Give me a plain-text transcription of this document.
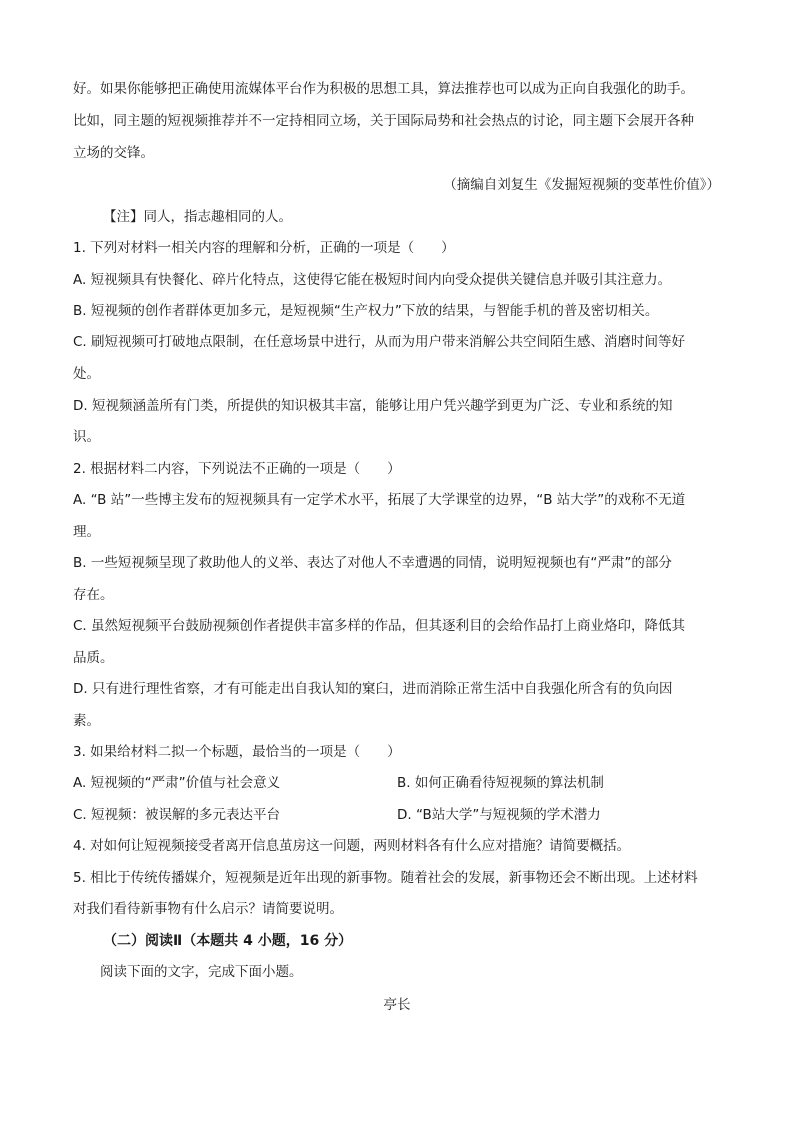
好。如果你能够把正确使用流媒体平台作为积极的思想工具，算法推荐也可以成为正向自我强化的助手。
比如，同主题的短视频推荐并不一定持相同立场，关于国际局势和社会热点的讨论，同主题下会展开各种
立场的交锋。
（摘编自刘复生《发掘短视频的变革性价值》）
【注】同人，指志趣相同的人。
1. 下列对材料一相关内容的理解和分析，正确的一项是（　　）
A. 短视频具有快餐化、碎片化特点，这使得它能在极短时间内向受众提供关键信息并吸引其注意力。
B. 短视频的创作者群体更加多元，是短视频“生产权力”下放的结果，与智能手机的普及密切相关。
C. 刷短视频可打破地点限制，在任意场景中进行，从而为用户带来消解公共空间陌生感、消磨时间等好
处。
D. 短视频涵盖所有门类，所提供的知识极其丰富，能够让用户凭兴趣学到更为广泛、专业和系统的知
识。
2. 根据材料二内容，下列说法不正确的一项是（　　）
A. “B 站”一些博主发布的短视频具有一定学术水平，拓展了大学课堂的边界，“B 站大学”的戏称不无道
理。
B. 一些短视频呈现了救助他人的义举、表达了对他人不幸遭遇的同情，说明短视频也有“严肃”的部分
存在。
C. 虽然短视频平台鼓励视频创作者提供丰富多样的作品，但其逐利目的会给作品打上商业烙印，降低其
品质。
D. 只有进行理性省察，才有可能走出自我认知的窠臼，进而消除正常生活中自我强化所含有的负向因
素。
3. 如果给材料二拟一个标题，最恰当的一项是（　　）
A. 短视频的“严肃”价值与社会意义	B. 如何正确看待短视频的算法机制
C. 短视频：被误解的多元表达平台	D. “B站大学”与短视频的学术潜力
4. 对如何让短视频接受者离开信息茧房这一问题，两则材料各有什么应对措施？请简要概括。
5. 相比于传统传播媒介，短视频是近年出现的新事物。随着社会的发展，新事物还会不断出现。上述材料
对我们看待新事物有什么启示？请简要说明。
（二）阅读Ⅱ（本题共 4 小题，16 分）
阅读下面的文字，完成下面小题。
亭长
